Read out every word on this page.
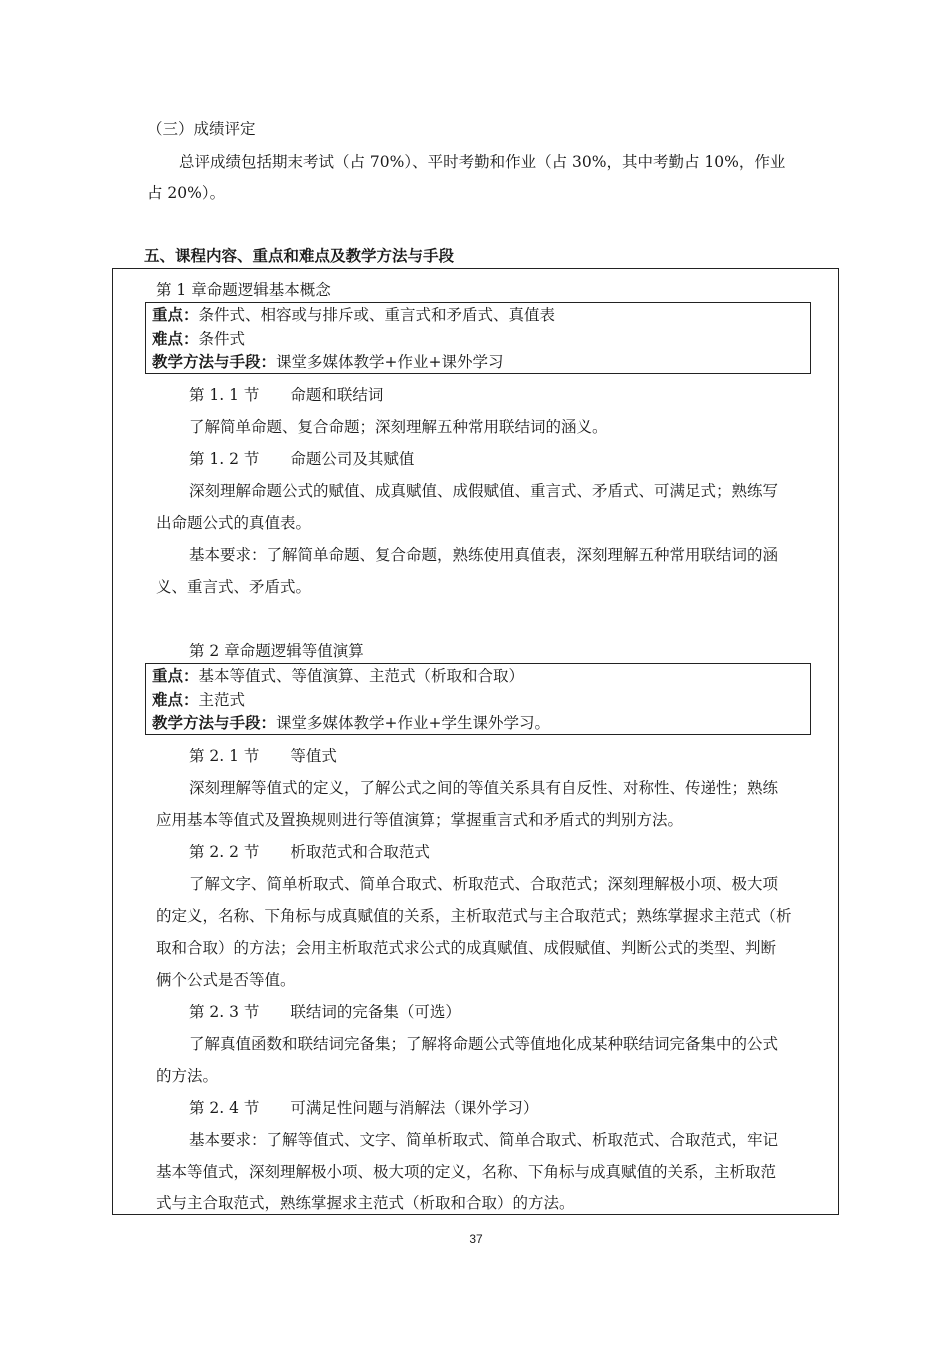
（三）成绩评定
总评成绩包括期末考试（占 70%）、平时考勤和作业（占 30%，其中考勤占 10%，作业
占 20%）。
五、课程内容、重点和难点及教学方法与手段
第 1 章命题逻辑基本概念
重点：条件式、相容或与排斥或、重言式和矛盾式、真值表
难点：条件式
教学方法与手段：课堂多媒体教学+作业+课外学习
第 1. 1 节　　命题和联结词
了解简单命题、复合命题；深刻理解五种常用联结词的涵义。
第 1. 2 节　　命题公司及其赋值
深刻理解命题公式的赋值、成真赋值、成假赋值、重言式、矛盾式、可满足式；熟练写
出命题公式的真值表。
基本要求：了解简单命题、复合命题，熟练使用真值表，深刻理解五种常用联结词的涵
义、重言式、矛盾式。
第 2 章命题逻辑等值演算
重点：基本等值式、等值演算、主范式（析取和合取）
难点：主范式
教学方法与手段：课堂多媒体教学+作业+学生课外学习。
第 2. 1 节　　等值式
深刻理解等值式的定义，了解公式之间的等值关系具有自反性、对称性、传递性；熟练
应用基本等值式及置换规则进行等值演算；掌握重言式和矛盾式的判别方法。
第 2. 2 节　　析取范式和合取范式
了解文字、简单析取式、简单合取式、析取范式、合取范式；深刻理解极小项、极大项
的定义，名称、下角标与成真赋值的关系，主析取范式与主合取范式；熟练掌握求主范式（析
取和合取）的方法；会用主析取范式求公式的成真赋值、成假赋值、判断公式的类型、判断
俩个公式是否等值。
第 2. 3 节　　联结词的完备集（可选）
了解真值函数和联结词完备集；了解将命题公式等值地化成某种联结词完备集中的公式
的方法。
第 2. 4 节　　可满足性问题与消解法（课外学习）
基本要求：了解等值式、文字、简单析取式、简单合取式、析取范式、合取范式，牢记
基本等值式，深刻理解极小项、极大项的定义，名称、下角标与成真赋值的关系，主析取范
式与主合取范式，熟练掌握求主范式（析取和合取）的方法。
37
